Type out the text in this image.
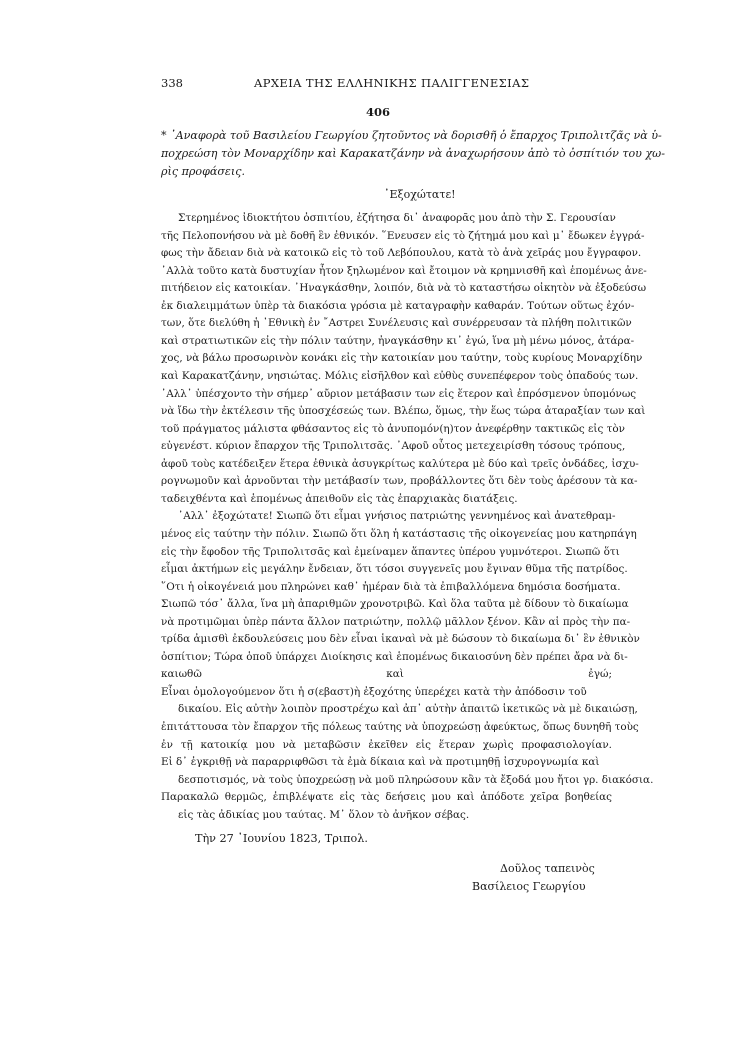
338	ΑΡΧΕΙΑ ΤΗΣ ΕΛΛΗΝΙΚΗΣ ΠΑΛΙΓΓΕΝΕΣΙΑΣ
406
* ᾿Αναφορὰ τοῦ Βασιλείου Γεωργίου ζητοῦντος νὰ δορισθῆ ὁ ἔπαρχος Τριπολιτζᾶς νὰ ὑ-
ποχρεώση τὸν Μοναρχίδην καὶ Καρακατζάνην νὰ ἀναχωρήσουν ἀπὸ τὸ ὀσπίτιόν του χω-
ρὶς προφάσεις.
᾿Εξοχώτατε!
Στερημένος ἰδιοκτήτου ὀσπιτίου, ἐζήτησα δι᾿ ἀναφορᾶς μου ἀπὸ τὴν Σ. Γερουσίαν
τῆς Πελοπονήσου νὰ μὲ δοθῆ ἓν ἐθνικόν. ῞Ενευσεν εἰς τὸ ζήτημά μου καὶ μ᾿ ἔδωκεν ἐγγρά-
φως τὴν ἄδειαν διὰ νὰ κατοικῶ εἰς τὸ τοῦ Λεβόπουλου, κατὰ τὸ ἀνὰ χεῖράς μου ἔγγραφον.
᾿Αλλὰ τοῦτο κατὰ δυστυχίαν ἦτον ξηλωμένον καὶ ἔτοιμον νὰ κρημνισθῆ καὶ ἑπομένως ἀνε-
πιτήδειον εἰς κατοικίαν. ᾿Ηναγκάσθην, λοιπόν, διὰ νὰ τὸ καταστήσω οἰκητὸν νὰ ἐξοδεύσω
ἐκ διαλειμμάτων ὑπὲρ τὰ διακόσια γρόσια μὲ καταγραφὴν καθαράν. Τούτων οὕτως ἐχόν-
των, ὅτε διελύθη ἡ ᾿Εθνικὴ ἐν ῎Αστρει Συνέλευσις καὶ συνέρρευσαν τὰ πλήθη πολιτικῶν
καὶ στρατιωτικῶν εἰς τὴν πόλιν ταύτην, ἠναγκάσθην κι᾿ ἐγώ, ἵνα μὴ μένω μόνος, ἀτάρα-
χος, νὰ βάλω προσωρινὸν κονάκι εἰς τὴν κατοικίαν μου ταύτην, τοὺς κυρίους Μοναρχίδην
καὶ Καρακατζάνην, νησιώτας. Μόλις εἰσῆλθον καὶ εὐθὺς συνεπέφερον τοὺς ὀπαδούς των.
᾿Αλλ᾿ ὑπέσχοντο τὴν σήμερ᾿ αὔριον μετάβασιν των εἰς ἕτερον καὶ ἐπρόσμενον ὑπομόνως
νὰ ἴδω τὴν ἐκτέλεσιν τῆς ὑποσχέσεώς των. Βλέπω, ὅμως, τὴν ἕως τώρα ἀταραξίαν των καὶ
τοῦ πράγματος μάλιστα φθάσαντος εἰς τὸ ἀνυπομόν(η)τον ἀνεφέρθην τακτικῶς εἰς τὸν
εὐγενέστ. κύριον ἔπαρχον τῆς Τριπολιτσᾶς. ᾿Αφοῦ οὗτος μετεχειρίσθη τόσους τρόπους,
ἀφοῦ τοὺς κατέδειξεν ἕτερα ἐθνικὰ ἀσυγκρίτως καλύτερα μὲ δύο καὶ τρεῖς ὀνδάδες, ἰσχυ-
ρογνωμοῦν καὶ ἀρνοῦνται τὴν μετάβασίν των, προβάλλοντες ὅτι δὲν τοὺς ἀρέσουν τὰ κα-
ταδειχθέντα καὶ ἑπομένως ἀπειθοῦν εἰς τὰς ἐπαρχιακὰς διατάξεις.
᾿Αλλ᾿ ἐξοχώτατε! Σιωπῶ ὅτι εἶμαι γνήσιος πατριώτης γεννημένος καὶ ἀνατεθραμ-
μένος εἰς ταύτην τὴν πόλιν. Σιωπῶ ὅτι ὅλη ἡ κατάστασις τῆς οἰκογενείας μου κατηρπάγη
εἰς τὴν ἔφοδον τῆς Τριπολιτσᾶς καὶ ἐμείναμεν ἅπαντες ὑπέρου γυμνότεροι. Σιωπῶ ὅτι
εἶμαι ἀκτήμων εἰς μεγάλην ἔνδειαν, ὅτι τόσοι συγγενεῖς μου ἔγιναν θῦμα τῆς πατρίδος.
῞Οτι ἡ οἰκογένειά μου πληρώνει καθ᾿ ἡμέραν διὰ τὰ ἐπιβαλλόμενα δημόσια δοσήματα.
Σιωπῶ τόσ᾿ ἄλλα, ἵνα μὴ ἀπαριθμῶν χρονοτριβῶ. Καὶ ὅλα ταῦτα μὲ δίδουν τὸ δικαίωμα
νὰ προτιμῶμαι ὑπὲρ πάντα ἄλλον πατριώτην, πολλῷ μᾶλλον ξένον. Κἂν αἱ πρὸς τὴν πα-
τρίδα ἀμισθὶ ἐκδουλεύσεις μου δὲν εἶναι ἱκαναὶ νὰ μὲ δώσουν τὸ δικαίωμα δι᾿ ἓν ἐθνικὸν
ὀσπίτιον; Τώρα ὁποῦ ὑπάρχει Διοίκησις καὶ ἑπομένως δικαιοσύνη δὲν πρέπει ἄρα νὰ δι-
καιωθῶ καὶ ἐγώ;
Εἶναι ὁμολογούμενον ὅτι ἡ σ(εβαστ)ὴ ἐξοχότης ὑπερέχει κατὰ τὴν ἀπόδοσιν τοῦ
δικαίου. Εἰς αὐτὴν λοιπὸν προστρέχω καὶ ἀπ᾿ αὐτὴν ἀπαιτῶ ἱκετικῶς νὰ μὲ δικαιώσῃ,
ἐπιτάττουσα τὸν ἔπαρχον τῆς πόλεως ταύτης νὰ ὑποχρεώσῃ ἀφεύκτως, ὅπως δυνηθῆ τοὺς
ἐν τῇ κατοικίᾳ μου νὰ μεταβῶσιν ἐκεῖθεν εἰς ἕτεραν χωρὶς προφασιολογίαν.
Εἰ δ᾿ ἐγκριθῇ νὰ παραρριφθῶσι τὰ ἐμὰ δίκαια καὶ νὰ προτιμηθῇ ἰσχυρογνωμία καὶ
δεσποτισμός, νὰ τοὺς ὑποχρεώσῃ νὰ μοῦ πληρώσουν κἂν τὰ ἔξοδά μου ἤτοι γρ. διακόσια.
Παρακαλῶ θερμῶς, ἐπιβλέψατε εἰς τὰς δεήσεις μου καὶ ἀπόδοτε χεῖρα βοηθείας
εἰς τὰς ἀδικίας μου ταύτας. Μ᾿ ὅλον τὸ ἀνῆκον σέβας.
Τὴν 27 ᾿Ιουνίου 1823, Τριπολ.
Δοῦλος ταπεινὸς
Βασίλειος Γεωργίου
